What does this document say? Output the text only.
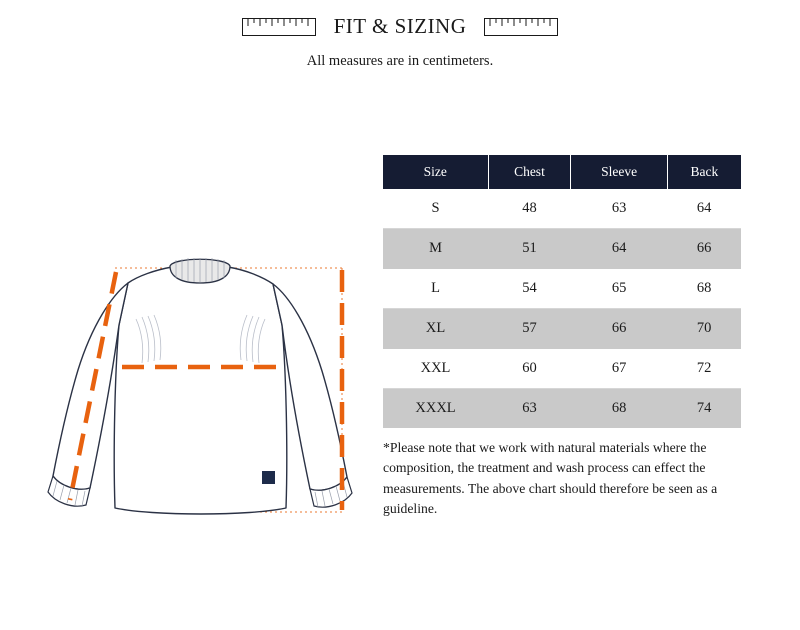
FIT & SIZING
All measures are in centimeters.
Size	Chest	Sleeve	Back
S	48	63	64
M	51	64	66
L	54	65	68
XL	57	66	70
XXL	60	67	72
XXXL	63	68	74
*Please note that we work with natural materials where the composition, the treatment and wash process can effect the measurements. The above chart should therefore be seen as a guideline.
